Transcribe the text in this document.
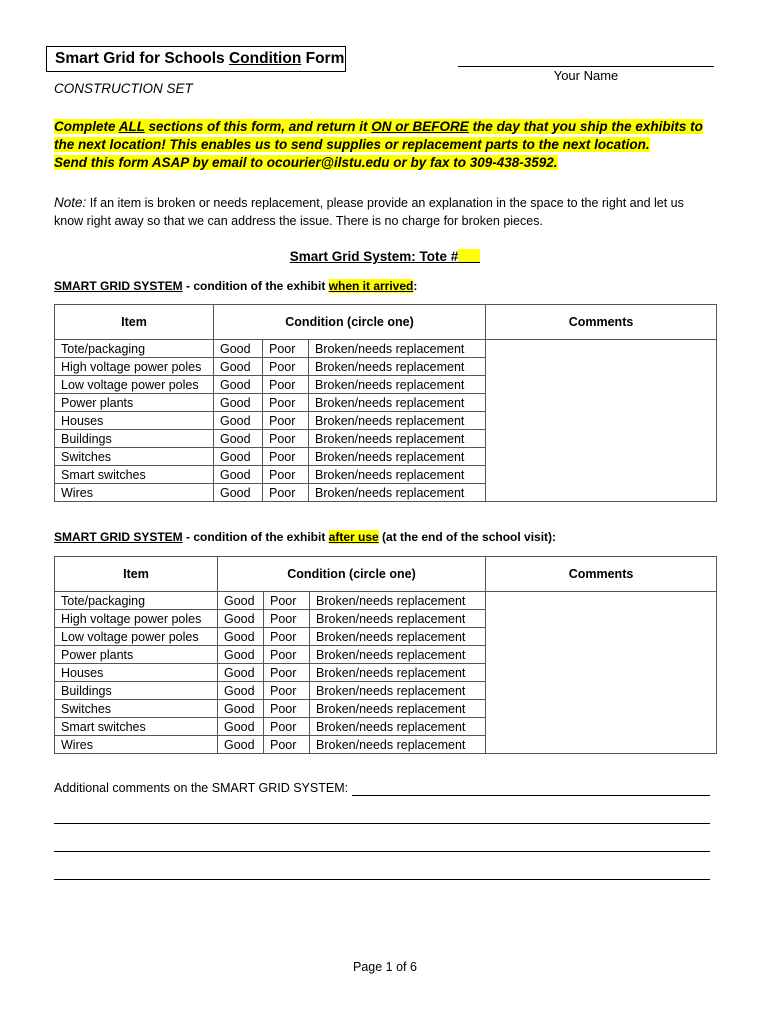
Smart Grid for Schools Condition Form
Your Name
CONSTRUCTION SET
Complete ALL sections of this form, and return it ON or BEFORE the day that you ship the exhibits to the next location! This enables us to send supplies or replacement parts to the next location.
Send this form ASAP by email to ocourier@ilstu.edu or by fax to 309-438-3592.
Note: If an item is broken or needs replacement, please provide an explanation in the space to the right and let us know right away so that we can address the issue. There is no charge for broken pieces.
Smart Grid System: Tote #
SMART GRID SYSTEM - condition of the exhibit when it arrived:
Item	Condition (circle one)			Comments
Tote/packaging	Good	Poor	Broken/needs replacement	
High voltage power poles	Good	Poor	Broken/needs replacement	
Low voltage power poles	Good	Poor	Broken/needs replacement	
Power plants	Good	Poor	Broken/needs replacement	
Houses	Good	Poor	Broken/needs replacement	
Buildings	Good	Poor	Broken/needs replacement	
Switches	Good	Poor	Broken/needs replacement	
Smart switches	Good	Poor	Broken/needs replacement	
Wires	Good	Poor	Broken/needs replacement	
SMART GRID SYSTEM - condition of the exhibit after use (at the end of the school visit):
Item	Condition (circle one)			Comments
Tote/packaging	Good	Poor	Broken/needs replacement	
High voltage power poles	Good	Poor	Broken/needs replacement	
Low voltage power poles	Good	Poor	Broken/needs replacement	
Power plants	Good	Poor	Broken/needs replacement	
Houses	Good	Poor	Broken/needs replacement	
Buildings	Good	Poor	Broken/needs replacement	
Switches	Good	Poor	Broken/needs replacement	
Smart switches	Good	Poor	Broken/needs replacement	
Wires	Good	Poor	Broken/needs replacement	
Additional comments on the SMART GRID SYSTEM:
Page 1 of 6
